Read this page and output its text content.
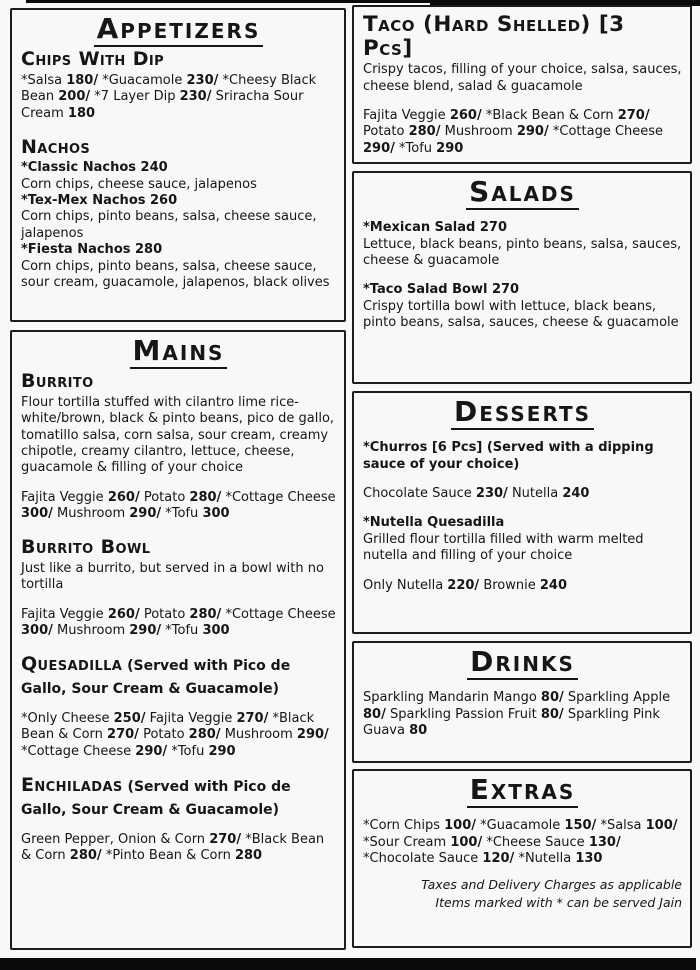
Appetizers
Chips With Dip
*Salsa 180/ *Guacamole 230/ *Cheesy Black Bean 200/ *7 Layer Dip 230/ Sriracha Sour Cream 180
Nachos
*Classic Nachos 240
Corn chips, cheese sauce, jalapenos
*Tex-Mex Nachos 260
Corn chips, pinto beans, salsa, cheese sauce, jalapenos
*Fiesta Nachos 280
Corn chips, pinto beans, salsa, cheese sauce, sour cream, guacamole, jalapenos, black olives
Mains
Burrito
Flour tortilla stuffed with cilantro lime rice-white/brown, black & pinto beans, pico de gallo, tomatillo salsa, corn salsa, sour cream, creamy chipotle, creamy cilantro, lettuce, cheese, guacamole & filling of your choice
Fajita Veggie 260/ Potato 280/ *Cottage Cheese 300/ Mushroom 290/ *Tofu 300
Burrito Bowl
Just like a burrito, but served in a bowl with no tortilla
Fajita Veggie 260/ Potato 280/ *Cottage Cheese 300/ Mushroom 290/ *Tofu 300
Quesadilla (Served with Pico de Gallo, Sour Cream & Guacamole)
*Only Cheese 250/ Fajita Veggie 270/ *Black Bean & Corn 270/ Potato 280/ Mushroom 290/ *Cottage Cheese 290/ *Tofu 290
Enchiladas (Served with Pico de Gallo, Sour Cream & Guacamole)
Green Pepper, Onion & Corn 270/ *Black Bean & Corn 280/ *Pinto Bean & Corn 280
Taco (Hard Shelled) [3 Pcs]
Crispy tacos, filling of your choice, salsa, sauces, cheese blend, salad & guacamole
Fajita Veggie 260/ *Black Bean & Corn 270/ Potato 280/ Mushroom 290/ *Cottage Cheese 290/ *Tofu 290
Salads
*Mexican Salad 270
Lettuce, black beans, pinto beans, salsa, sauces, cheese & guacamole
*Taco Salad Bowl 270
Crispy tortilla bowl with lettuce, black beans, pinto beans, salsa, sauces, cheese & guacamole
Desserts
*Churros [6 Pcs] (Served with a dipping sauce of your choice)
Chocolate Sauce 230/ Nutella 240
*Nutella Quesadilla
Grilled flour tortilla filled with warm melted nutella and filling of your choice
Only Nutella 220/ Brownie 240
Drinks
Sparkling Mandarin Mango 80/ Sparkling Apple 80/ Sparkling Passion Fruit 80/ Sparkling Pink Guava 80
Extras
*Corn Chips 100/ *Guacamole 150/ *Salsa 100/ *Sour Cream 100/ *Cheese Sauce 130/ *Chocolate Sauce 120/ *Nutella 130
Taxes and Delivery Charges as applicable
Items marked with * can be served Jain
